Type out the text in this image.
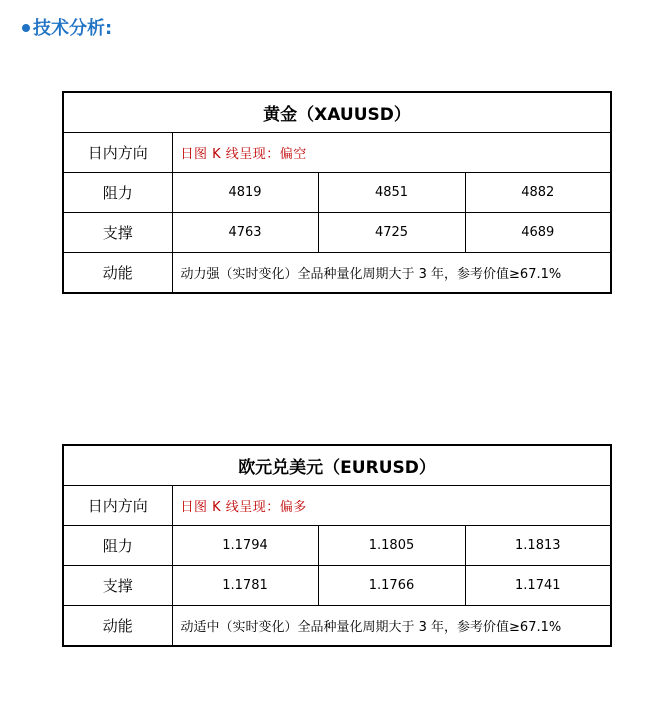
技术分析:
黄金（XAUUSD）			
日内方向	日图 K 线呈现：偏空		
阻力	4819	4851	4882
支撑	4763	4725	4689
动能	动力强（实时变化）全品种量化周期大于 3 年，参考价值≥67.1%		
欧元兑美元（EURUSD）			
日内方向	日图 K 线呈现：偏多		
阻力	1.1794	1.1805	1.1813
支撑	1.1781	1.1766	1.1741
动能	动适中（实时变化）全品种量化周期大于 3 年，参考价值≥67.1%		
